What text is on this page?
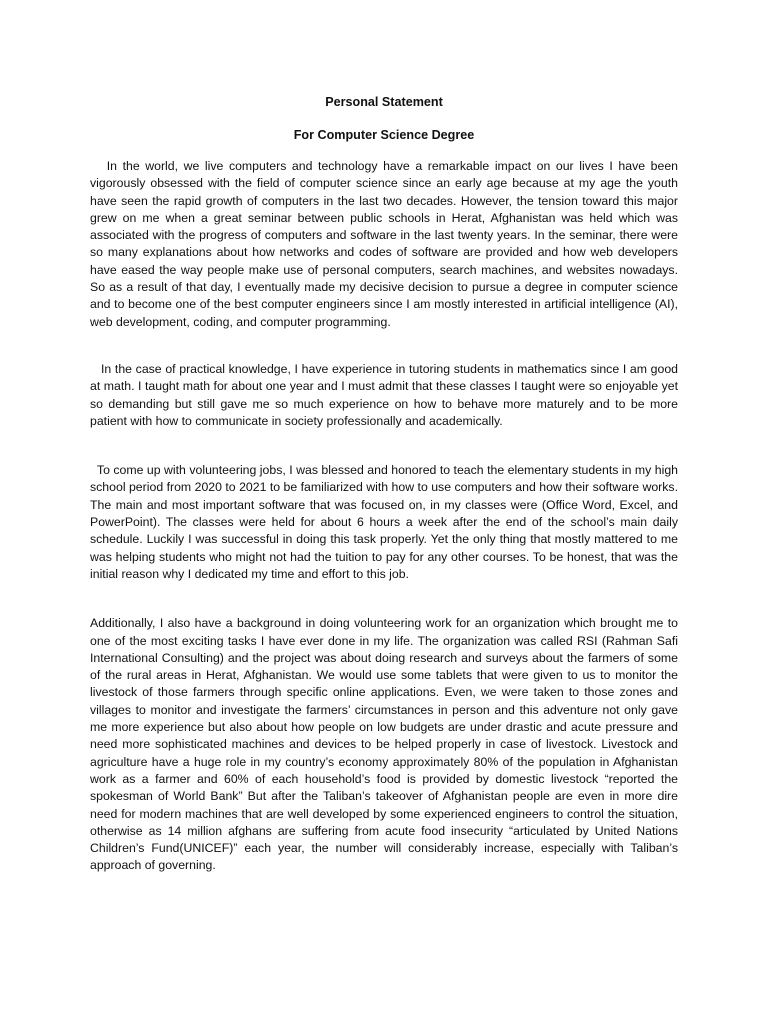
Personal Statement
For Computer Science Degree

In the world, we live computers and technology have a remarkable impact on our lives I have been vigorously obsessed with the field of computer science since an early age because at my age the youth have seen the rapid growth of computers in the last two decades. However, the tension toward this major grew on me when a great seminar between public schools in Herat, Afghanistan was held which was associated with the progress of computers and software in the last twenty years. In the seminar, there were so many explanations about how networks and codes of software are provided and how web developers have eased the way people make use of personal computers, search machines, and websites nowadays. So as a result of that day, I eventually made my decisive decision to pursue a degree in computer science and to become one of the best computer engineers since I am mostly interested in artificial intelligence (AI), web development, coding, and computer programming.

In the case of practical knowledge, I have experience in tutoring students in mathematics since I am good at math. I taught math for about one year and I must admit that these classes I taught were so enjoyable yet so demanding but still gave me so much experience on how to behave more maturely and to be more patient with how to communicate in society professionally and academically.

To come up with volunteering jobs, I was blessed and honored to teach the elementary students in my high school period from 2020 to 2021 to be familiarized with how to use computers and how their software works. The main and most important software that was focused on, in my classes were (Office Word, Excel, and PowerPoint). The classes were held for about 6 hours a week after the end of the school’s main daily schedule. Luckily I was successful in doing this task properly. Yet the only thing that mostly mattered to me was helping students who might not had the tuition to pay for any other courses. To be honest, that was the initial reason why I dedicated my time and effort to this job.

Additionally, I also have a background in doing volunteering work for an organization which brought me to one of the most exciting tasks I have ever done in my life. The organization was called RSI (Rahman Safi International Consulting) and the project was about doing research and surveys about the farmers of some of the rural areas in Herat, Afghanistan. We would use some tablets that were given to us to monitor the livestock of those farmers through specific online applications. Even, we were taken to those zones and villages to monitor and investigate the farmers’ circumstances in person and this adventure not only gave me more experience but also about how people on low budgets are under drastic and acute pressure and need more sophisticated machines and devices to be helped properly in case of livestock. Livestock and agriculture have a huge role in my country’s economy approximately 80% of the population in Afghanistan work as a farmer and 60% of each household’s food is provided by domestic livestock “reported the spokesman of World Bank” But after the Taliban’s takeover of Afghanistan people are even in more dire need for modern machines that are well developed by some experienced engineers to control the situation, otherwise as 14 million afghans are suffering from acute food insecurity “articulated by United Nations Children’s Fund(UNICEF)” each year, the number will considerably increase, especially with Taliban’s approach of governing.
